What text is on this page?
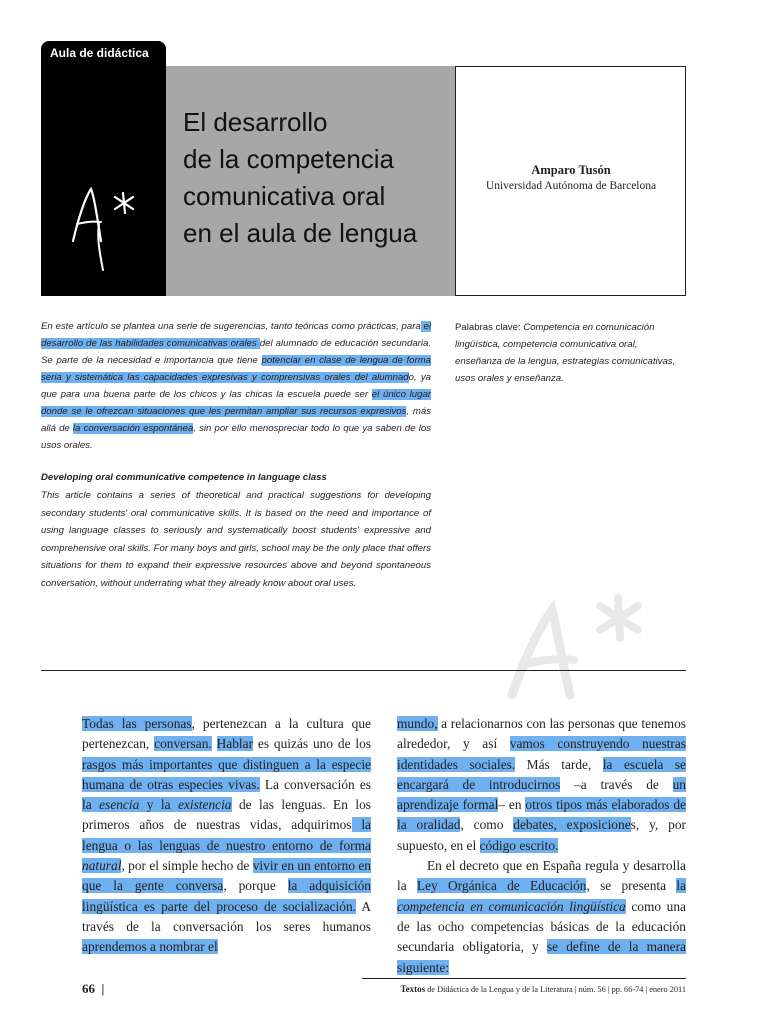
Aula de didáctica
El desarrollo
de la competencia
comunicativa oral
en el aula de lengua
Amparo Tusón
Universidad Autónoma de Barcelona
En este artículo se plantea una serie de sugerencias, tanto teóricas como prácticas, para el desarrollo de las habilidades comunicativas orales del alumnado de educación secundaria. Se parte de la necesidad e importancia que tiene potenciar en clase de lengua de forma seria y sistemática las capacidades expresivas y comprensivas orales del alumnado, ya que para una buena parte de los chicos y las chicas la escuela puede ser el único lugar donde se le ofrezcan situaciones que les permitan ampliar sus recursos expresivos, más allá de la conversación espontánea, sin por ello menospreciar todo lo que ya saben de los usos orales.
Palabras clave: Competencia en comunicación lingüística, competencia comunicativa oral, enseñanza de la lengua, estrategias comunicativas, usos orales y enseñanza.
Developing oral communicative competence in language class
This article contains a series of theoretical and practical suggestions for developing secondary students' oral communicative skills. It is based on the need and importance of using language classes to seriously and systematically boost students' expressive and comprehensive oral skills. For many boys and girls, school may be the only place that offers situations for them to expand their expressive resources above and beyond spontaneous conversation, without underrating what they already know about oral uses.

Todas las personas, pertenezcan a la cultura que pertenezcan, conversan. Hablar es quizás uno de los rasgos más importantes que distinguen a la especie humana de otras especies vivas. La conversación es la esencia y la existencia de las lenguas. En los primeros años de nuestras vidas, adquirimos la lengua o las lenguas de nuestro entorno de forma natural, por el simple hecho de vivir en un entorno en que la gente conversa, porque la adquisición lingüística es parte del proceso de socialización. A través de la conversación los seres humanos aprendemos a nombrar el

mundo, a relacionarnos con las personas que tenemos alrededor, y así vamos construyendo nuestras identidades sociales. Más tarde, la escuela se encargará de introducirnos –a través de un aprendizaje formal– en otros tipos más elaborados de la oralidad, como debates, exposiciones, y, por supuesto, en el código escrito.

En el decreto que en España regula y desarrolla la Ley Orgánica de Educación, se presenta la competencia en comunicación lingüística como una de las ocho competencias básicas de la educación secundaria obligatoria, y se define de la manera siguiente:

66 |	Textos de Didáctica de la Lengua y de la Literatura | núm. 56 | pp. 66-74 | enero 2011
